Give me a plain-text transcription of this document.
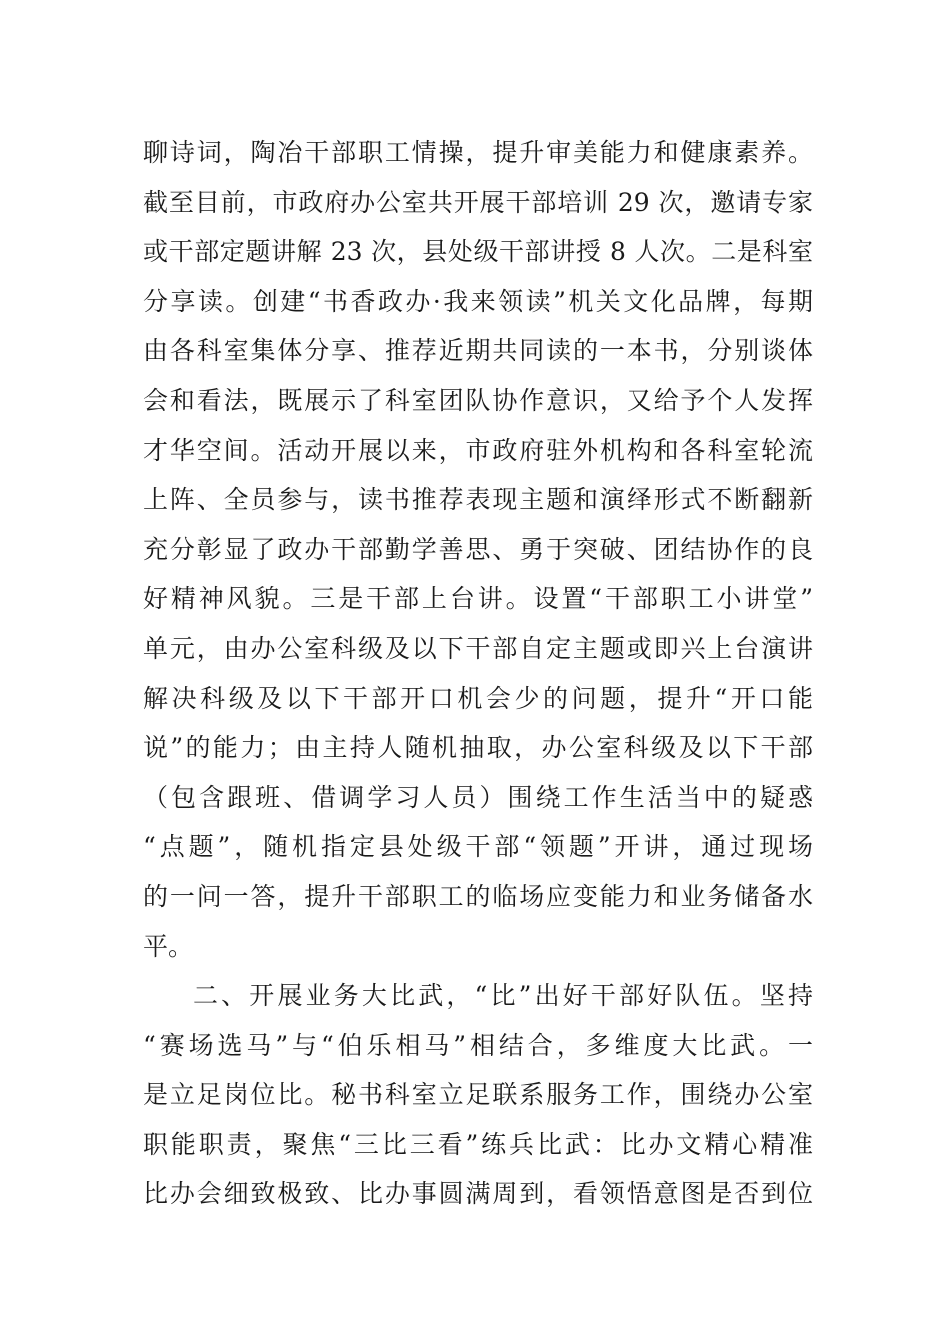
聊诗词，陶冶干部职工情操，提升审美能力和健康素养。
截至目前，市政府办公室共开展干部培训 29 次，邀请专家
或干部定题讲解 23 次，县处级干部讲授 8 人次。二是科室
分享读。创建“书香政办·我来领读”机关文化品牌，每期
由各科室集体分享、推荐近期共同读的一本书，分别谈体
会和看法，既展示了科室团队协作意识，又给予个人发挥
才华空间。活动开展以来，市政府驻外机构和各科室轮流
上阵、全员参与，读书推荐表现主题和演绎形式不断翻新
充分彰显了政办干部勤学善思、勇于突破、团结协作的良
好精神风貌。三是干部上台讲。设置“干部职工小讲堂”
单元，由办公室科级及以下干部自定主题或即兴上台演讲
解决科级及以下干部开口机会少的问题，提升“开口能
说”的能力；由主持人随机抽取，办公室科级及以下干部
（包含跟班、借调学习人员）围绕工作生活当中的疑惑
“点题”，随机指定县处级干部“领题”开讲，通过现场
的一问一答，提升干部职工的临场应变能力和业务储备水
平。
二、开展业务大比武，“比”出好干部好队伍。坚持
“赛场选马”与“伯乐相马”相结合，多维度大比武。一
是立足岗位比。秘书科室立足联系服务工作，围绕办公室
职能职责，聚焦“三比三看”练兵比武：比办文精心精准
比办会细致极致、比办事圆满周到，看领悟意图是否到位
